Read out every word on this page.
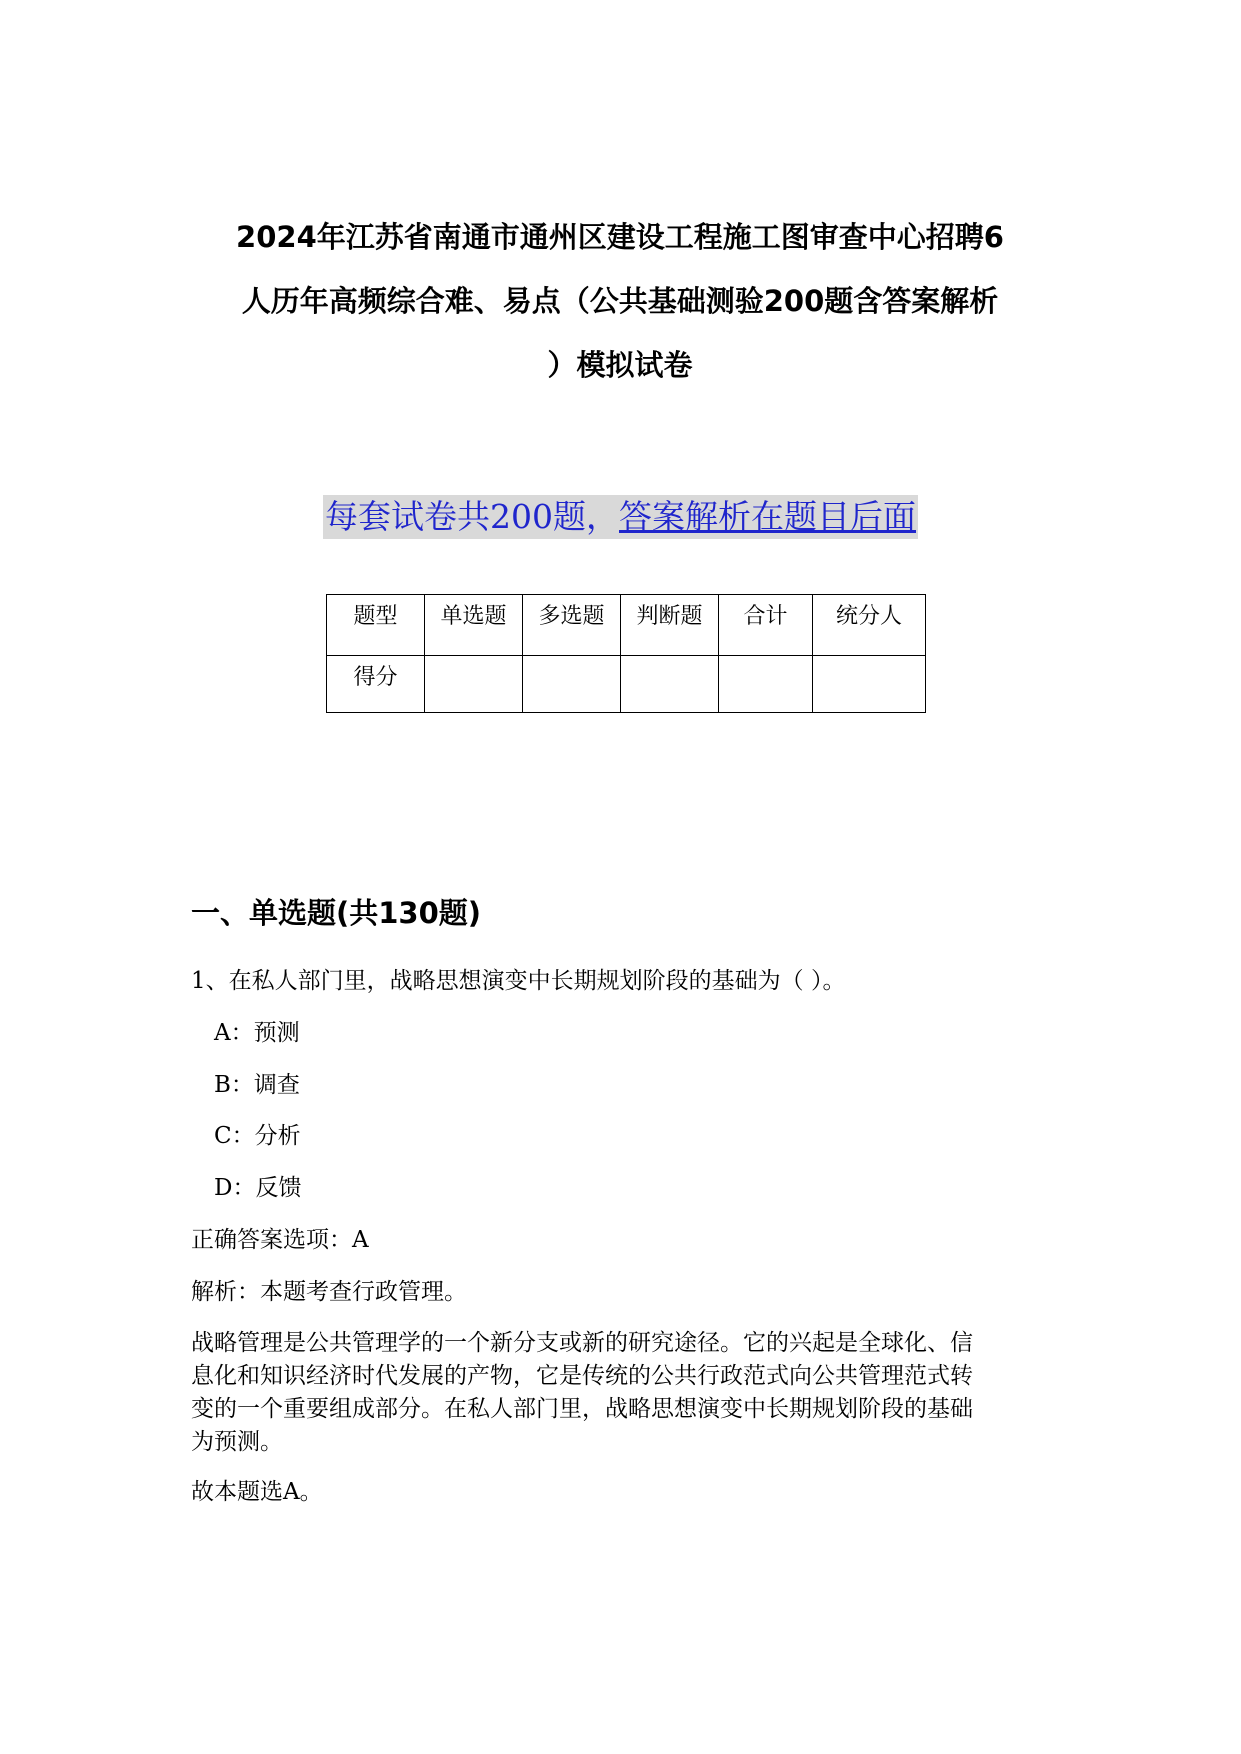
2024年江苏省南通市通州区建设工程施工图审查中心招聘6
人历年高频综合难、易点（公共基础测验200题含答案解析
）模拟试卷
每套试卷共200题，答案解析在题目后面
题型	单选题	多选题	判断题	合计	统分人
得分					
一、单选题(共130题)
1、在私人部门里，战略思想演变中长期规划阶段的基础为（ ）。
A：预测
B：调查
C：分析
D：反馈
正确答案选项：A
解析：本题考查行政管理。
战略管理是公共管理学的一个新分支或新的研究途径。它的兴起是全球化、信
息化和知识经济时代发展的产物，它是传统的公共行政范式向公共管理范式转
变的一个重要组成部分。在私人部门里，战略思想演变中长期规划阶段的基础
为预测。
故本题选A。
